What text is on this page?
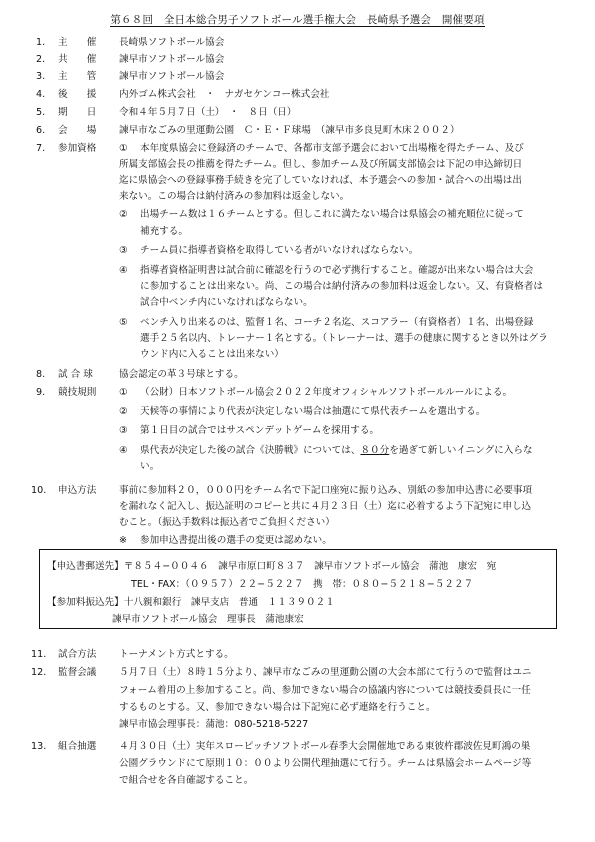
第６８回　全日本総合男子ソフトボール選手権大会　長崎県予選会　開催要項
1.	主　　催	長崎県ソフトボール協会
2.	共　　催	諫早市ソフトボール協会
3.	主　　管	諫早市ソフトボール協会
4.	後　　援	内外ゴム株式会社　・　ナガセケンコー株式会社
5.	期　　日	令和４年５月７日（土）　・　８日（日）
6.	会　　場	諫早市なごみの里運動公園　Ｃ・Ｅ・Ｆ球場　（諫早市多良見町木床２００２）
7.	参加資格	①	本年度県協会に登録済のチームで、各都市支部予選会において出場権を得たチーム、及び
所属支部協会長の推薦を得たチーム。但し、参加チーム及び所属支部協会は下記の申込締切日
迄に県協会への登録事務手続きを完了していなければ、本予選会への参加・試合への出場は出
来ない。この場合は納付済みの参加料は返金しない。
②	出場チーム数は１６チームとする。但しこれに満たない場合は県協会の補充順位に従って
補充する。
③	チーム員に指導者資格を取得している者がいなければならない。
④	指導者資格証明書は試合前に確認を行うので必ず携行すること。確認が出来ない場合は大会
に参加することは出来ない。尚、この場合は納付済みの参加料は返金しない。又、有資格者は
試合中ベンチ内にいなければならない。
⑤	ベンチ入り出来るのは、監督１名、コーチ２名迄、スコアラー（有資格者）１名、出場登録
選手２５名以内、トレーナー１名とする。（トレーナーは、選手の健康に関するとき以外はグラ
ウンド内に入ることは出来ない）
8.	試 合 球	協会認定の革３号球とする。
9.	競技規則	①	（公財）日本ソフトボール協会２０２２年度オフィシャルソフトボールルールによる。
②	天候等の事情により代表が決定しない場合は抽選にて県代表チームを選出する。
③	第１日目の試合ではサスペンデットゲームを採用する。
④	県代表が決定した後の試合《決勝戦》については、８０分を過ぎて新しいイニングに入らな
い。
10.	申込方法	事前に参加料２０，０００円をチーム名で下記口座宛に振り込み、別紙の参加申込書に必要事項
を漏れなく記入し、振込証明のコピーと共に４月２３日（土）迄に必着するよう下記宛に申し込
むこと。（振込手数料は振込者でご負担ください）
※	参加申込書提出後の選手の変更は認めない。
【申込書郵送先】〒８５４−００４６　諫早市原口町８３７　諫早市ソフトボール協会　蒲池　康宏　宛
TEL・FAX：（０９５７）２２−５２２７　携　帯：０８０−５２１８−５２２７
【参加料振込先】十八親和銀行　諫早支店　普通　１１３９０２１
諫早市ソフトボール協会　理事長　蒲池康宏
11.	試合方法	トーナメント方式とする。
12.	監督会議	５月７日（土）８時１５分より、諫早市なごみの里運動公園の大会本部にて行うので監督はユニ
フォーム着用の上参加すること。尚、参加できない場合の協議内容については競技委員長に一任
するものとする。又、参加できない場合は下記宛に必ず連絡を行うこと。
諫早市協会理事長：蒲池：080-5218-5227
13.	組合抽選	４月３０日（土）実年スローピッチソフトボール春季大会開催地である東彼杵郡波佐見町鴻の巣
公園グラウンドにて原則１０：００より公開代理抽選にて行う。チームは県協会ホームページ等
で組合せを各自確認すること。
